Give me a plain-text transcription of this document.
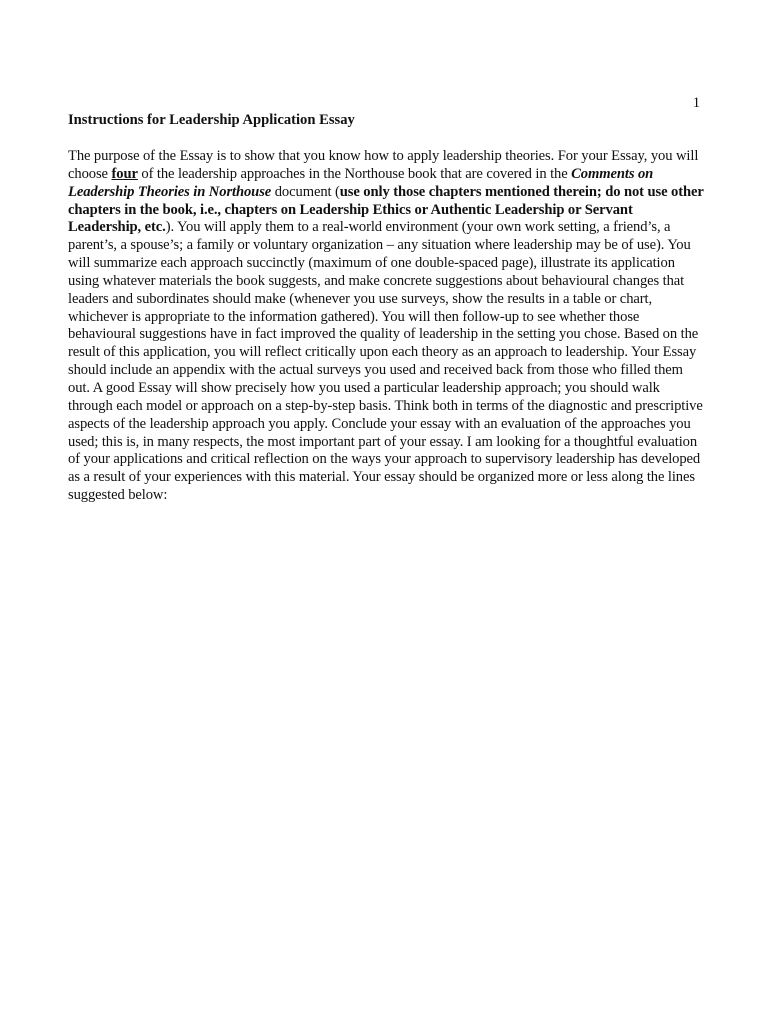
1
Instructions for Leadership Application Essay

The purpose of the Essay is to show that you know how to apply leadership theories. For your Essay, you will choose four of the leadership approaches in the Northouse book that are covered in the Comments on Leadership Theories in Northouse document (use only those chapters mentioned therein; do not use other chapters in the book, i.e., chapters on Leadership Ethics or Authentic Leadership or Servant Leadership, etc.). You will apply them to a real-world environment (your own work setting, a friend’s, a parent’s, a spouse’s; a family or voluntary organization – any situation where leadership may be of use). You will summarize each approach succinctly (maximum of one double-spaced page), illustrate its application using whatever materials the book suggests, and make concrete suggestions about behavioural changes that leaders and subordinates should make (whenever you use surveys, show the results in a table or chart, whichever is appropriate to the information gathered). You will then follow-up to see whether those behavioural suggestions have in fact improved the quality of leadership in the setting you chose. Based on the result of this application, you will reflect critically upon each theory as an approach to leadership. Your Essay should include an appendix with the actual surveys you used and received back from those who filled them out. A good Essay will show precisely how you used a particular leadership approach; you should walk through each model or approach on a step-by-step basis. Think both in terms of the diagnostic and prescriptive aspects of the leadership approach you apply. Conclude your essay with an evaluation of the approaches you used; this is, in many respects, the most important part of your essay. I am looking for a thoughtful evaluation of your applications and critical reflection on the ways your approach to supervisory leadership has developed as a result of your experiences with this material. Your essay should be organized more or less along the lines suggested below:
